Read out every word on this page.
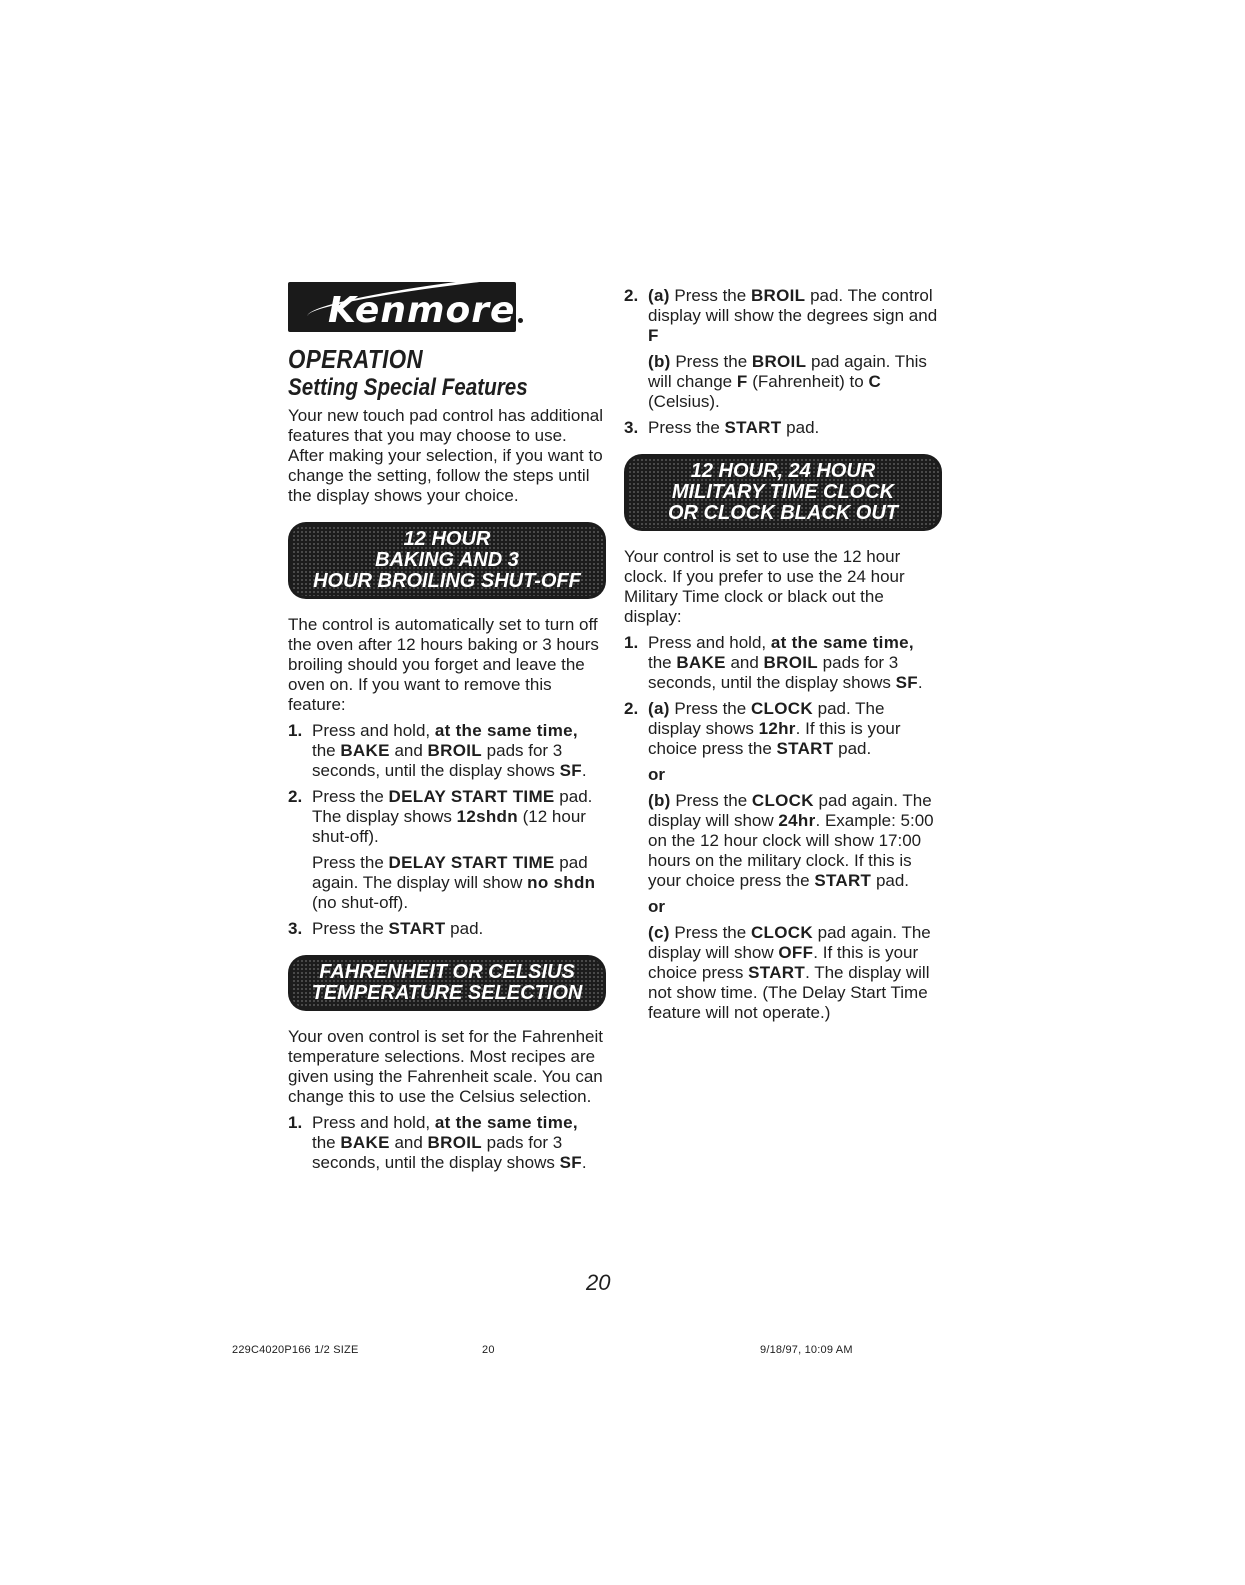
Kenmore
OPERATION
Setting Special Features

Your new touch pad control has additional features that you may choose to use. After making your selection, if you want to change the setting, follow the steps until the display shows your choice.

12 HOUR
BAKING AND 3
HOUR BROILING SHUT-OFF

The control is automatically set to turn off the oven after 12 hours baking or 3 hours broiling should you forget and leave the oven on. If you want to remove this feature:

1. Press and hold, at the same time, the BAKE and BROIL pads for 3 seconds, until the display shows SF.
2. Press the DELAY START TIME pad. The display shows 12shdn (12 hour shut-off).
Press the DELAY START TIME pad again. The display will show no shdn (no shut-off).
3. Press the START pad.
FAHRENHEIT OR CELSIUS
TEMPERATURE SELECTION

Your oven control is set for the Fahrenheit temperature selections. Most recipes are given using the Fahrenheit scale. You can change this to use the Celsius selection.

1. Press and hold, at the same time, the BAKE and BROIL pads for 3 seconds, until the display shows SF.
2. (a) Press the BROIL pad. The control display will show the degrees sign and F
(b) Press the BROIL pad again. This will change F (Fahrenheit) to C (Celsius).
3. Press the START pad.
12 HOUR, 24 HOUR
MILITARY TIME CLOCK
OR CLOCK BLACK OUT

Your control is set to use the 12 hour clock. If you prefer to use the 24 hour Military Time clock or black out the display:

1. Press and hold, at the same time, the BAKE and BROIL pads for 3 seconds, until the display shows SF.
2. (a) Press the CLOCK pad. The display shows 12hr. If this is your choice press the START pad.
or
(b) Press the CLOCK pad again. The display will show 24hr. Example: 5:00 on the 12 hour clock will show 17:00 hours on the military clock. If this is your choice press the START pad.
or
(c) Press the CLOCK pad again. The display will show OFF. If this is your choice press START. The display will not show time. (The Delay Start Time feature will not operate.)
20
229C4020P166 1/2 SIZE	20	9/18/97, 10:09 AM
